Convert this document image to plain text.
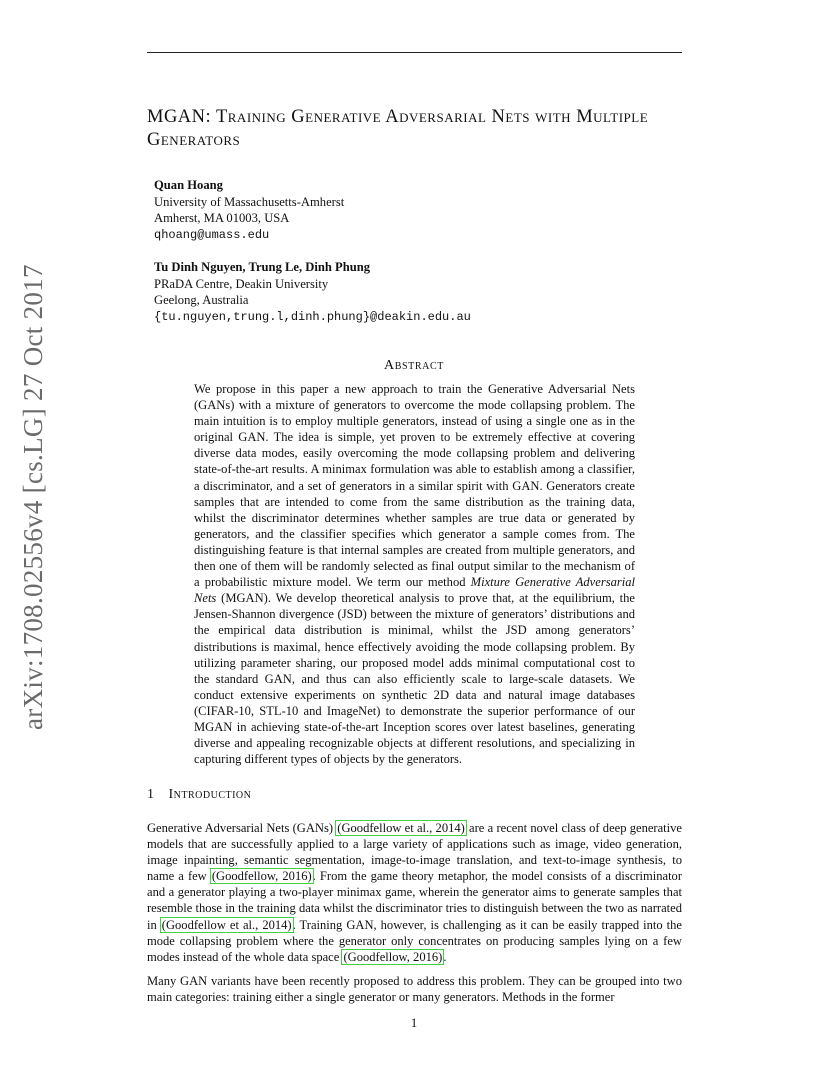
arXiv:1708.02556v4 [cs.LG] 27 Oct 2017
MGAN: Training Generative Adversarial Nets with Multiple Generators
Quan Hoang
University of Massachusetts-Amherst
Amherst, MA 01003, USA
qhoang@umass.edu
Tu Dinh Nguyen, Trung Le, Dinh Phung
PRaDA Centre, Deakin University
Geelong, Australia
{tu.nguyen,trung.l,dinh.phung}@deakin.edu.au
Abstract
We propose in this paper a new approach to train the Generative Adversarial Nets (GANs) with a mixture of generators to overcome the mode collapsing problem. The main intuition is to employ multiple generators, instead of using a single one as in the original GAN. The idea is simple, yet proven to be extremely effective at covering diverse data modes, easily overcoming the mode collapsing problem and delivering state-of-the-art results. A minimax formulation was able to establish among a classifier, a discriminator, and a set of generators in a similar spirit with GAN. Generators create samples that are intended to come from the same distribution as the training data, whilst the discriminator determines whether samples are true data or generated by generators, and the classifier specifies which generator a sample comes from. The distinguishing feature is that internal samples are created from multiple generators, and then one of them will be randomly selected as final output similar to the mechanism of a probabilistic mixture model. We term our method Mixture Generative Adversarial Nets (MGAN). We develop theoretical analysis to prove that, at the equilibrium, the Jensen-Shannon divergence (JSD) between the mixture of generators’ distributions and the empirical data distribution is minimal, whilst the JSD among generators’ distributions is maximal, hence effectively avoiding the mode collapsing problem. By utilizing parameter sharing, our proposed model adds minimal computational cost to the standard GAN, and thus can also efficiently scale to large-scale datasets. We conduct extensive experiments on synthetic 2D data and natural image databases (CIFAR-10, STL-10 and ImageNet) to demonstrate the superior performance of our MGAN in achieving state-of-the-art Inception scores over latest baselines, generating diverse and appealing recognizable objects at different resolutions, and specializing in capturing different types of objects by the generators.
1 Introduction
Generative Adversarial Nets (GANs) (Goodfellow et al., 2014) are a recent novel class of deep generative models that are successfully applied to a large variety of applications such as image, video generation, image inpainting, semantic segmentation, image-to-image translation, and text-to-image synthesis, to name a few (Goodfellow, 2016). From the game theory metaphor, the model consists of a discriminator and a generator playing a two-player minimax game, wherein the generator aims to generate samples that resemble those in the training data whilst the discriminator tries to distinguish between the two as narrated in (Goodfellow et al., 2014). Training GAN, however, is challenging as it can be easily trapped into the mode collapsing problem where the generator only concentrates on producing samples lying on a few modes instead of the whole data space (Goodfellow, 2016).
Many GAN variants have been recently proposed to address this problem. They can be grouped into two main categories: training either a single generator or many generators. Methods in the former
1
